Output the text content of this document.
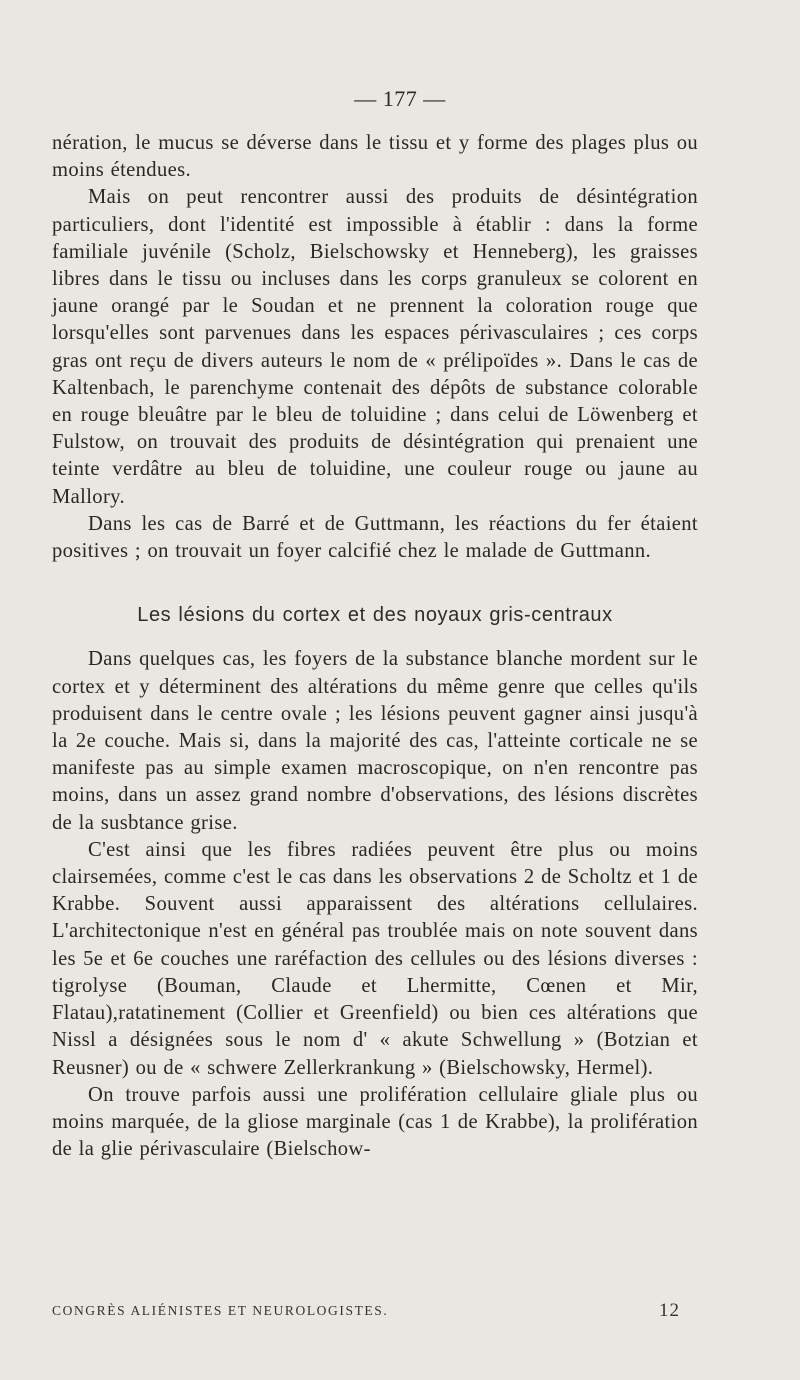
— 177 —

nération, le mucus se déverse dans le tissu et y forme des plages plus ou moins étendues.

Mais on peut rencontrer aussi des produits de désintégration particuliers, dont l'identité est impossible à établir : dans la forme familiale juvénile (Scholz, Bielschowsky et Henneberg), les graisses libres dans le tissu ou incluses dans les corps granuleux se colorent en jaune orangé par le Soudan et ne prennent la coloration rouge que lorsqu'elles sont parvenues dans les espaces périvasculaires ; ces corps gras ont reçu de divers auteurs le nom de « prélipoïdes ». Dans le cas de Kaltenbach, le parenchyme contenait des dépôts de substance colorable en rouge bleuâtre par le bleu de toluidine ; dans celui de Löwenberg et Fulstow, on trouvait des produits de désintégration qui prenaient une teinte verdâtre au bleu de toluidine, une couleur rouge ou jaune au Mallory.

Dans les cas de Barré et de Guttmann, les réactions du fer étaient positives ; on trouvait un foyer calcifié chez le malade de Guttmann.

Les lésions du cortex et des noyaux gris-centraux

Dans quelques cas, les foyers de la substance blanche mordent sur le cortex et y déterminent des altérations du même genre que celles qu'ils produisent dans le centre ovale ; les lésions peuvent gagner ainsi jusqu'à la 2e couche. Mais si, dans la majorité des cas, l'atteinte corticale ne se manifeste pas au simple examen macroscopique, on n'en rencontre pas moins, dans un assez grand nombre d'observations, des lésions discrètes de la susbtance grise.

C'est ainsi que les fibres radiées peuvent être plus ou moins clairsemées, comme c'est le cas dans les observations 2 de Scholtz et 1 de Krabbe. Souvent aussi apparaissent des altérations cellulaires. L'architectonique n'est en général pas troublée mais on note souvent dans les 5e et 6e couches une raréfaction des cellules ou des lésions diverses : tigrolyse (Bouman, Claude et Lhermitte, Cœnen et Mir, Flatau),ratatinement (Collier et Greenfield) ou bien ces altérations que Nissl a désignées sous le nom d' « akute Schwellung » (Botzian et Reusner) ou de « schwere Zellerkrankung » (Bielschowsky, Hermel).

On trouve parfois aussi une prolifération cellulaire gliale plus ou moins marquée, de la gliose marginale (cas 1 de Krabbe), la prolifération de la glie périvasculaire (Bielschow-

CONGRÈS ALIÉNISTES ET NEUROLOGISTES.	12
